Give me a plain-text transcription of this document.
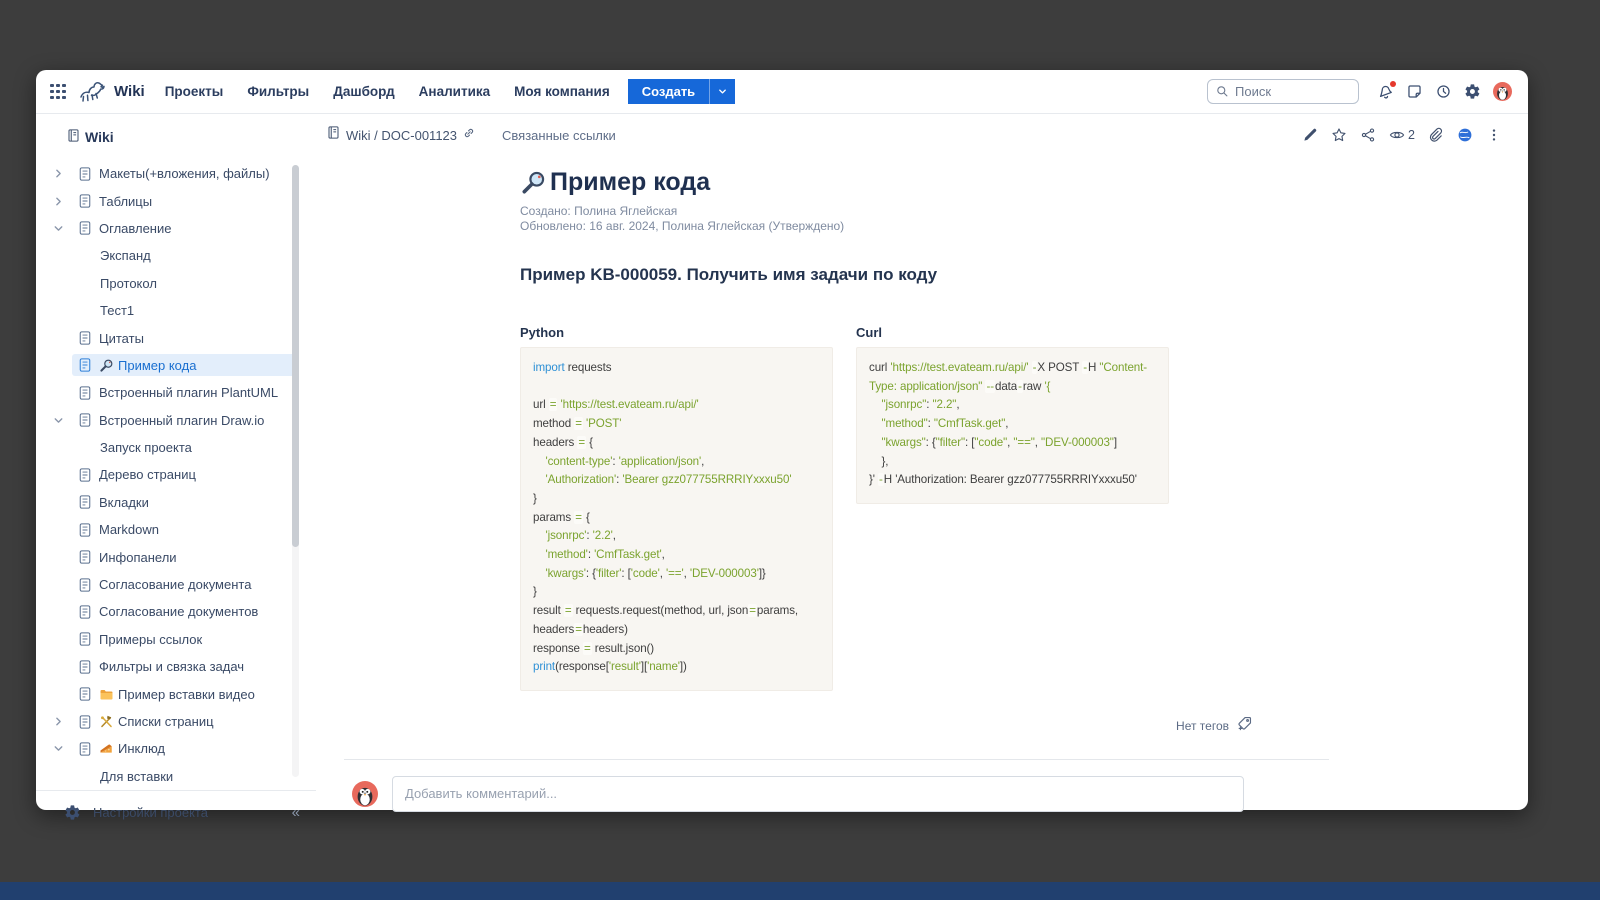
Wiki Проекты Фильтры Дашборд Аналитика Моя компания	Создать
Поиск
Wiki
Макеты(+вложения, файлы)
Таблицы
Оглавление
Экспанд
Протокол
Тест1
Цитаты
Пример кода
Встроенный плагин PlantUML
Встроенный плагин Draw.io
Запуск проекта
Дерево страниц
Вкладки
Markdown
Инфопанели
Согласование документа
Согласование документов
Примеры ссылок
Фильтры и связка задач
Пример вставки видео
Списки страниц
Инклюд
Для вставки
Настройки проекта	«
Wiki / DOC-001123	Связанные ссылки	2
Пример кода
Создано: Полина Яглейская
Обновлено: 16 авг. 2024, Полина Яглейская (Утверждено)
Пример KB-000059. Получить имя задачи по коду
Python
import requests
url = 'https://test.evateam.ru/api/'
method = 'POST'
headers = {
'content-type': 'application/json',
'Authorization': 'Bearer gzz077755RRRIYxxxu50'
}
params = {
'jsonrpc': '2.2',
'method': 'CmfTask.get',
'kwargs': {'filter': ['code', '==', 'DEV-000003']}
}
result = requests.request(method, url, json=params,
headers=headers)
response = result.json()
print(response['result']['name'])
Curl
curl 'https://test.evateam.ru/api/' -X POST -H "Content-
Type: application/json" --data-raw '{
"jsonrpc": "2.2",
"method": "CmfTask.get",
"kwargs": {"filter": ["code", "==", "DEV-000003"]
},
}' -H 'Authorization: Bearer gzz077755RRRIYxxxu50'
Нет тегов
Добавить комментарий...
